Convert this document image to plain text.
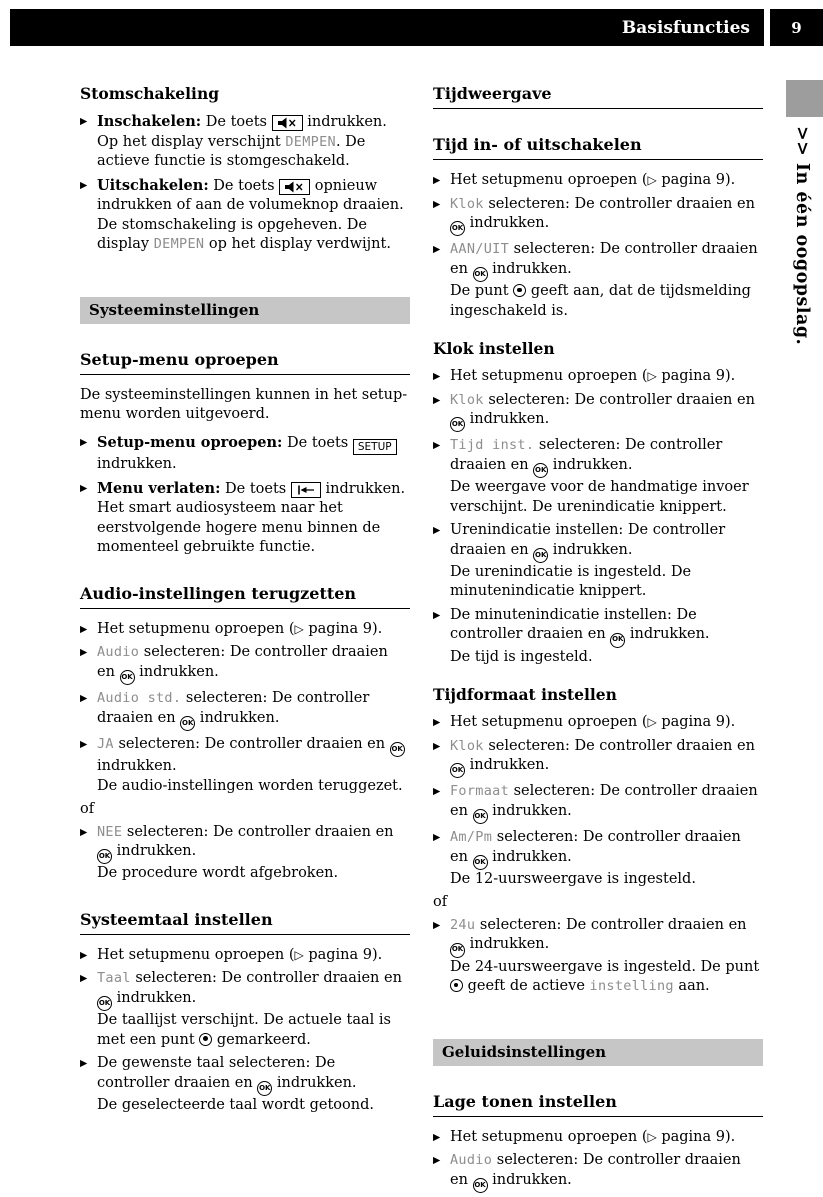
Basisfuncties	9
>> In één oogopslag.
Stomschakeling
▶ Inschakelen: De toets
indrukken.
Op het display verschijnt DEMPEN. De actieve functie is stomgeschakeld.
▶ Uitschakelen: De toets
opnieuw indrukken of aan de volumeknop draaien.
De stomschakeling is opgeheven. De display DEMPEN op het display verdwijnt.
Systeeminstellingen
Setup-menu oproepen
De systeeminstellingen kunnen in het setup-menu worden uitgevoerd.
▶ Setup-menu oproepen: De toets SETUP indrukken.
▶ Menu verlaten: De toets
indrukken.
Het smart audiosysteem naar het eerstvolgende hogere menu binnen de momenteel gebruikte functie.
Audio-instellingen terugzetten
▶ Het setupmenu oproepen (▷ pagina 9).
▶ Audio selecteren: De controller draaien en OK indrukken.
▶ Audio std. selecteren: De controller draaien en OK indrukken.
▶ JA selecteren: De controller draaien en OK indrukken.
De audio-instellingen worden teruggezet.
of
▶ NEE selecteren: De controller draaien en OK indrukken.
De procedure wordt afgebroken.
Systeemtaal instellen
▶ Het setupmenu oproepen (▷ pagina 9).
▶ Taal selecteren: De controller draaien en OK indrukken.
De taallijst verschijnt. De actuele taal is met een punt  gemarkeerd.
▶ De gewenste taal selecteren: De controller draaien en OK indrukken.
De geselecteerde taal wordt getoond.
Tijdweergave
Tijd in- of uitschakelen
▶ Het setupmenu oproepen (▷ pagina 9).
▶ Klok selecteren: De controller draaien en OK indrukken.
▶ AAN/UIT selecteren: De controller draaien en OK indrukken.
De punt  geeft aan, dat de tijdsmelding ingeschakeld is.
Klok instellen
▶ Het setupmenu oproepen (▷ pagina 9).
▶ Klok selecteren: De controller draaien en OK indrukken.
▶ Tijd inst. selecteren: De controller draaien en OK indrukken.
De weergave voor de handmatige invoer verschijnt. De urenindicatie knippert.
▶ Urenindicatie instellen: De controller draaien en OK indrukken.
De urenindicatie is ingesteld. De minutenindicatie knippert.
▶ De minutenindicatie instellen: De controller draaien en OK indrukken.
De tijd is ingesteld.
Tijdformaat instellen
▶ Het setupmenu oproepen (▷ pagina 9).
▶ Klok selecteren: De controller draaien en OK indrukken.
▶ Formaat selecteren: De controller draaien en OK indrukken.
▶ Am/Pm selecteren: De controller draaien en OK indrukken.
De 12-uursweergave is ingesteld.
of
▶ 24u selecteren: De controller draaien en OK indrukken.
De 24-uursweergave is ingesteld. De punt  geeft de actieve instelling aan.
Geluidsinstellingen
Lage tonen instellen
▶ Het setupmenu oproepen (▷ pagina 9).
▶ Audio selecteren: De controller draaien en OK indrukken.
